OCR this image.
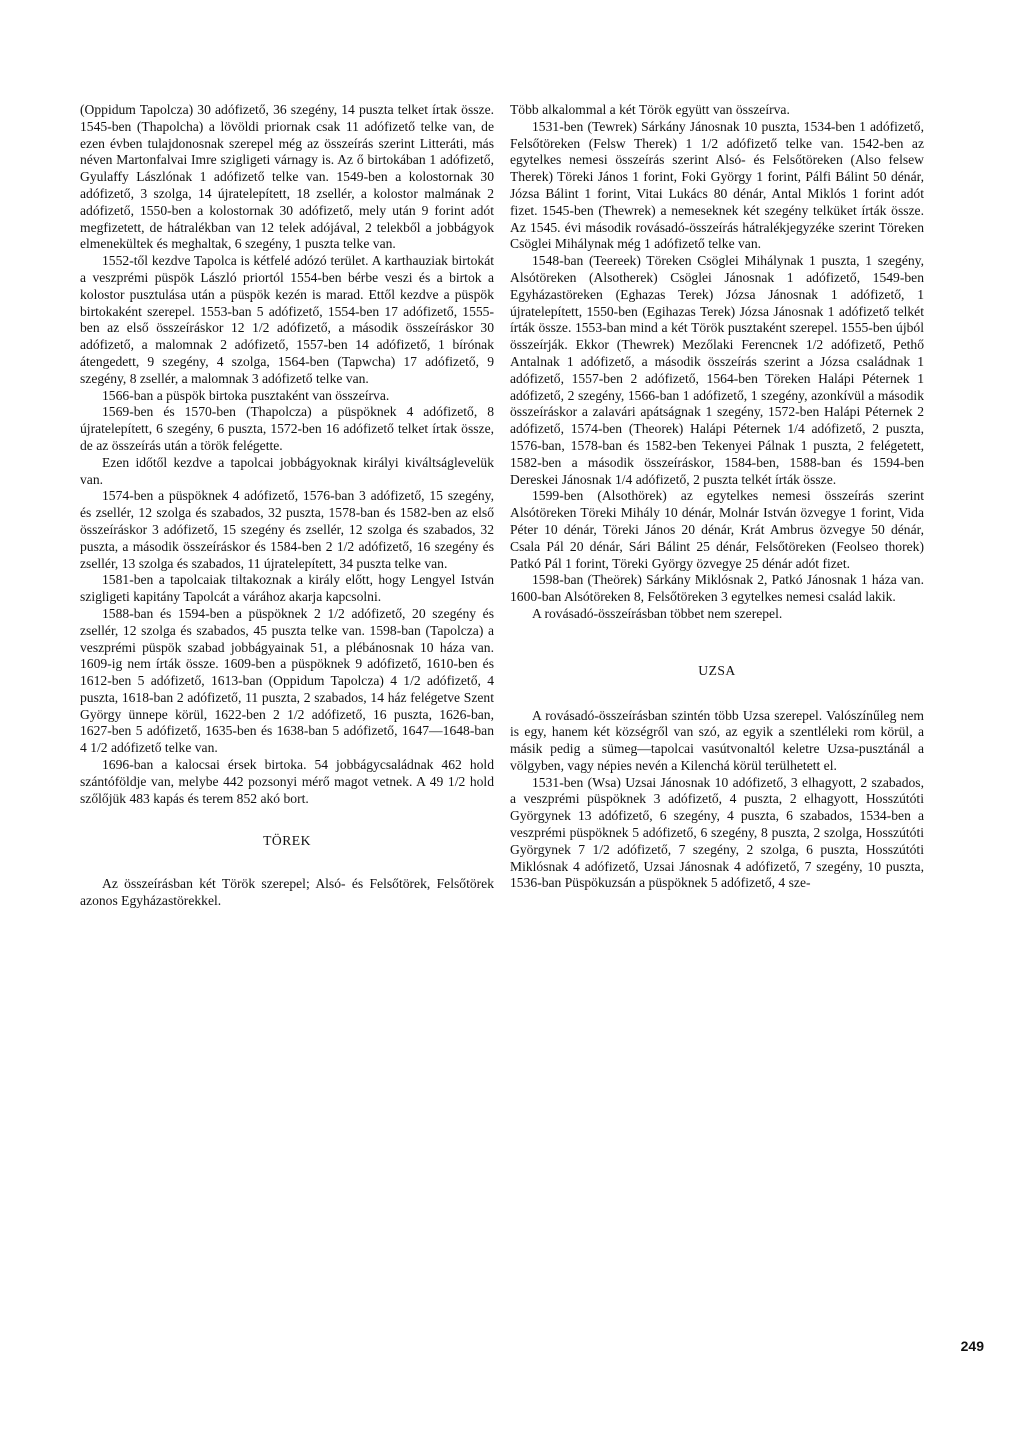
(Oppidum Tapolcza) 30 adófizető, 36 szegény, 14 puszta telket írtak össze. 1545-ben (Thapolcha) a lövöldi priornak csak 11 adófizető telke van, de ezen évben tulajdonosnak szerepel még az összeírás szerint Litteráti, más néven Martonfalvai Imre szigligeti várnagy is. Az ő birtokában 1 adófizető, Gyulaffy Lászlónak 1 adófizető telke van. 1549-ben a kolostornak 30 adófizető, 3 szolga, 14 újratelepített, 18 zsellér, a kolostor malmának 2 adófizető, 1550-ben a kolostornak 30 adófizető, mely után 9 forint adót megfizetett, de hátralékban van 12 telek adójával, 2 telekből a jobbágyok elmenekültek és meghaltak, 6 szegény, 1 puszta telke van.

1552-től kezdve Tapolca is kétfelé adózó terület. A karthauziak birtokát a veszprémi püspök László priortól 1554-ben bérbe veszi és a birtok a kolostor pusztulása után a püspök kezén is marad. Ettől kezdve a püspök birtokaként szerepel. 1553-ban 5 adófizető, 1554-ben 17 adófizető, 1555-ben az első összeíráskor 12 1/2 adófizető, a második összeíráskor 30 adófizető, a malomnak 2 adófizető, 1557-ben 14 adófizető, 1 bírónak átengedett, 9 szegény, 4 szolga, 1564-ben (Tapwcha) 17 adófizető, 9 szegény, 8 zsellér, a malomnak 3 adófizető telke van.

1566-ban a püspök birtoka pusztaként van összeírva.

1569-ben és 1570-ben (Thapolcza) a püspöknek 4 adófizető, 8 újratelepített, 6 szegény, 6 puszta, 1572-ben 16 adófizető telket írtak össze, de az összeírás után a török felégette.

Ezen időtől kezdve a tapolcai jobbágyoknak királyi kiváltságlevelük van.

1574-ben a püspöknek 4 adófizető, 1576-ban 3 adófizető, 15 szegény, és zsellér, 12 szolga és szabados, 32 puszta, 1578-ban és 1582-ben az első összeíráskor 3 adófizető, 15 szegény és zsellér, 12 szolga és szabados, 32 puszta, a második összeíráskor és 1584-ben 2 1/2 adófizető, 16 szegény és zsellér, 13 szolga és szabados, 11 újratelepített, 34 puszta telke van.

1581-ben a tapolcaiak tiltakoznak a király előtt, hogy Lengyel István szigligeti kapitány Tapolcát a várához akarja kapcsolni.

1588-ban és 1594-ben a püspöknek 2 1/2 adófizető, 20 szegény és zsellér, 12 szolga és szabados, 45 puszta telke van. 1598-ban (Tapolcza) a veszprémi püspök szabad jobbágyainak 51, a plébánosnak 10 háza van. 1609-ig nem írták össze. 1609-ben a püspöknek 9 adófizető, 1610-ben és 1612-ben 5 adófizető, 1613-ban (Oppidum Tapolcza) 4 1/2 adófizető, 4 puszta, 1618-ban 2 adófizető, 11 puszta, 2 szabados, 14 ház felégetve Szent György ünnepe körül, 1622-ben 2 1/2 adófizető, 16 puszta, 1626-ban, 1627-ben 5 adófizető, 1635-ben és 1638-ban 5 adófizető, 1647—1648-ban 4 1/2 adófizető telke van.

1696-ban a kalocsai érsek birtoka. 54 jobbágycsaládnak 462 hold szántóföldje van, melybe 442 pozsonyi mérő magot vetnek. A 49 1/2 hold szőlőjük 483 kapás és terem 852 akó bort.

TÖREK

Az összeírásban két Török szerepel; Alsó- és Felsőtörek, Felsőtörek azonos Egyházastörekkel.

Több alkalommal a két Török együtt van összeírva.

1531-ben (Tewrek) Sárkány Jánosnak 10 puszta, 1534-ben 1 adófizető, Felsőtöreken (Felsw Therek) 1 1/2 adófizető telke van. 1542-ben az egytelkes nemesi összeírás szerint Alsó- és Felsőtöreken (Also felsew Therek) Töreki János 1 forint, Foki György 1 forint, Pálfi Bálint 50 dénár, Józsa Bálint 1 forint, Vitai Lukács 80 dénár, Antal Miklós 1 forint adót fizet. 1545-ben (Thewrek) a nemeseknek két szegény telküket írták össze. Az 1545. évi második rovásadó-összeírás hátralékjegyzéke szerint Töreken Csöglei Mihálynak még 1 adófizető telke van.

1548-ban (Teereek) Töreken Csöglei Mihálynak 1 puszta, 1 szegény, Alsótöreken (Alsotherek) Csöglei Jánosnak 1 adófizető, 1549-ben Egyházastöreken (Eghazas Terek) Józsa Jánosnak 1 adófizető, 1 újratelepített, 1550-ben (Egihazas Terek) Józsa Jánosnak 1 adófizető telkét írták össze. 1553-ban mind a két Török pusztaként szerepel. 1555-ben újból összeírják. Ekkor (Thewrek) Mezőlaki Ferencnek 1/2 adófizető, Pethő Antalnak 1 adófizető, a második összeírás szerint a Józsa családnak 1 adófizető, 1557-ben 2 adófizető, 1564-ben Töreken Halápi Péternek 1 adófizető, 2 szegény, 1566-ban 1 adófizető, 1 szegény, azonkívül a második összeíráskor a zalavári apátságnak 1 szegény, 1572-ben Halápi Péternek 2 adófizető, 1574-ben (Theorek) Halápi Péternek 1/4 adófizető, 2 puszta, 1576-ban, 1578-ban és 1582-ben Tekenyei Pálnak 1 puszta, 2 felégetett, 1582-ben a második összeíráskor, 1584-ben, 1588-ban és 1594-ben Dereskei Jánosnak 1/4 adófizető, 2 puszta telkét írták össze.

1599-ben (Alsothörek) az egytelkes nemesi összeírás szerint Alsótöreken Töreki Mihály 10 dénár, Molnár István özvegye 1 forint, Vida Péter 10 dénár, Töreki János 20 dénár, Krát Ambrus özvegye 50 dénár, Csala Pál 20 dénár, Sári Bálint 25 dénár, Felsőtöreken (Feolseo thorek) Patkó Pál 1 forint, Töreki György özvegye 25 dénár adót fizet.

1598-ban (Theörek) Sárkány Miklósnak 2, Patkó Jánosnak 1 háza van. 1600-ban Alsótöreken 8, Felsőtöreken 3 egytelkes nemesi család lakik.

A rovásadó-összeírásban többet nem szerepel.

UZSA

A rovásadó-összeírásban szintén több Uzsa szerepel. Valószínűleg nem is egy, hanem két községről van szó, az egyik a szentléleki rom körül, a másik pedig a sümeg—tapolcai vasútvonaltól keletre Uzsa-pusztánál a völgyben, vagy népies nevén a Kilenchá körül terülhetett el.

1531-ben (Wsa) Uzsai Jánosnak 10 adófizető, 3 elhagyott, 2 szabados, a veszprémi püspöknek 3 adófizető, 4 puszta, 2 elhagyott, Hosszútóti Györgynek 13 adófizető, 6 szegény, 4 puszta, 6 szabados, 1534-ben a veszprémi püspöknek 5 adófizető, 6 szegény, 8 puszta, 2 szolga, Hosszútóti Györgynek 7 1/2 adófizető, 7 szegény, 2 szolga, 6 puszta, Hosszútóti Miklósnak 4 adófizető, Uzsai Jánosnak 4 adófizető, 7 szegény, 10 puszta, 1536-ban Püspökuzsán a püspöknek 5 adófizető, 4 sze-

249
